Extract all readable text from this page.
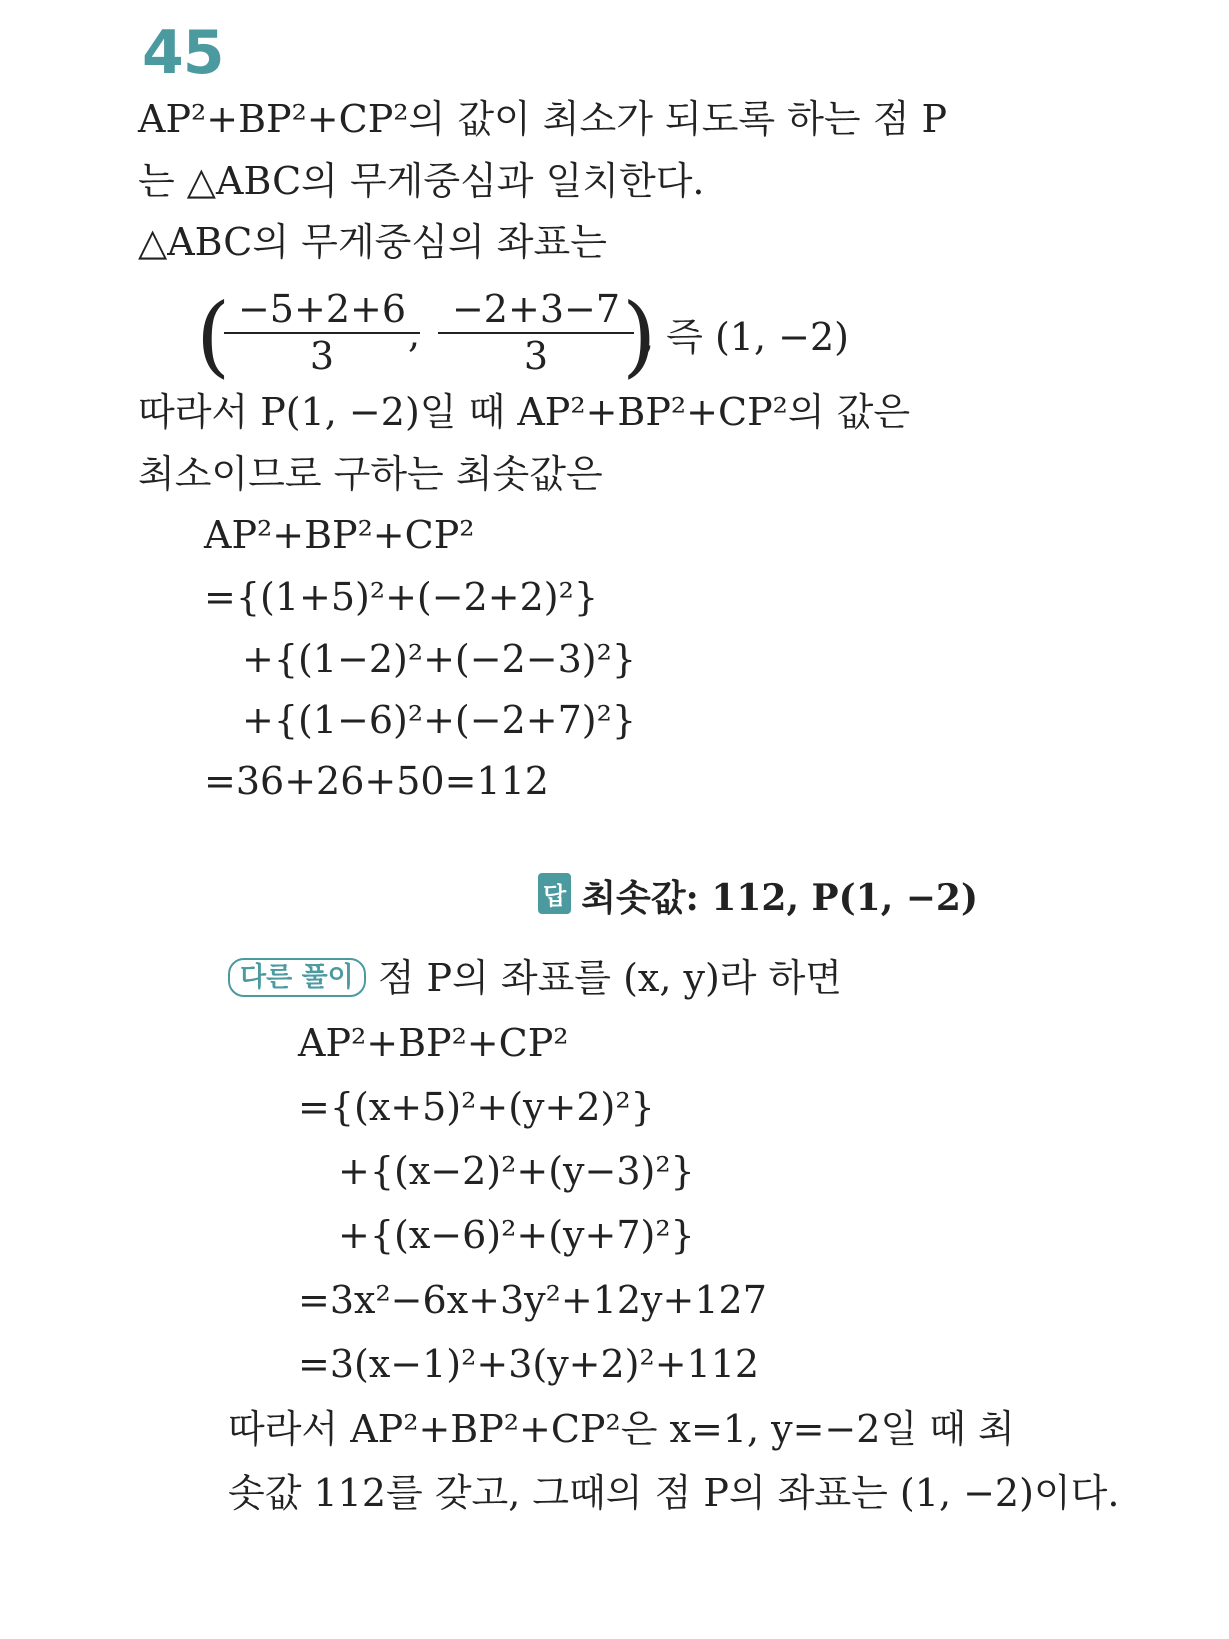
45
AP²+BP²+CP²의 값이 최소가 되도록 하는 점 P
는 △ABC의 무게중심과 일치한다.
△ABC의 무게중심의 좌표는
(
$\frac{-5+2+6}{3}$
, $\frac{-2+3-7}{3}$
)
, 즉 (1, −2)
따라서 P(1, −2)일 때 AP²+BP²+CP²의 값은
최소이므로 구하는 최솟값은
AP²+BP²+CP²
={(1+5)²+(−2+2)²}
+{(1−2)²+(−2−3)²}
+{(1−6)²+(−2+7)²}
=36+26+50=112
답 최솟값: 112, P(1, −2)
다른 풀이 점 P의 좌표를 (x, y)라 하면
AP²+BP²+CP²
={(x+5)²+(y+2)²}
+{(x−2)²+(y−3)²}
+{(x−6)²+(y+7)²}
=3x²−6x+3y²+12y+127
=3(x−1)²+3(y+2)²+112
따라서 AP²+BP²+CP²은 x=1, y=−2일 때 최
솟값 112를 갖고, 그때의 점 P의 좌표는 (1, −2)이다.
